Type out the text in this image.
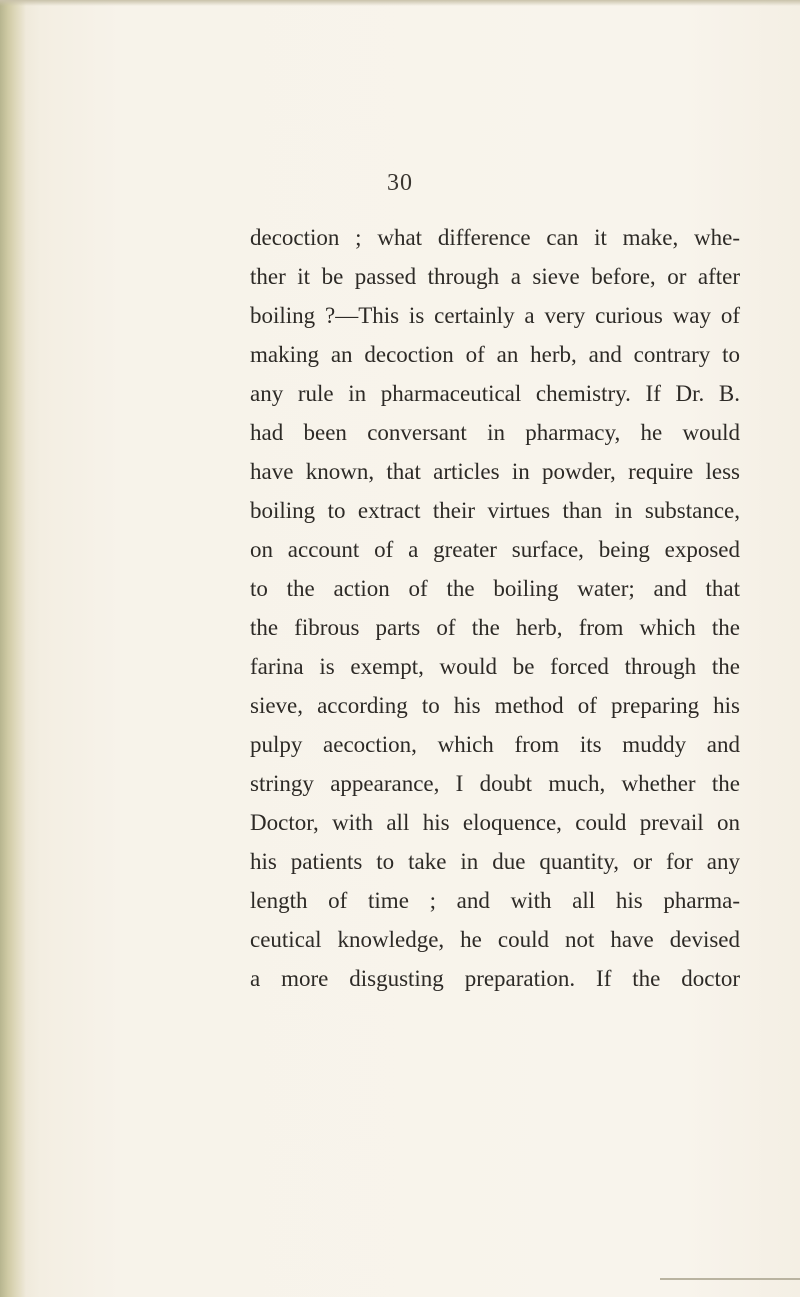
30
decoction ; what difference can it make, whe-
ther it be passed through a sieve before, or after
boiling ?—This is certainly a very curious way of
making an decoction of an herb, and contrary to
any rule in pharmaceutical chemistry. If Dr. B.
had been conversant in pharmacy, he would
have known, that articles in powder, require less
boiling to extract their virtues than in substance,
on account of a greater surface, being exposed
to the action of the boiling water; and that
the fibrous parts of the herb, from which the
farina is exempt, would be forced through the
sieve, according to his method of preparing his
pulpy aecoction, which from its muddy and
stringy appearance, I doubt much, whether the
Doctor, with all his eloquence, could prevail on
his patients to take in due quantity, or for any
length of time ; and with all his pharma-
ceutical knowledge, he could not have devised
a more disgusting preparation. If the doctor
